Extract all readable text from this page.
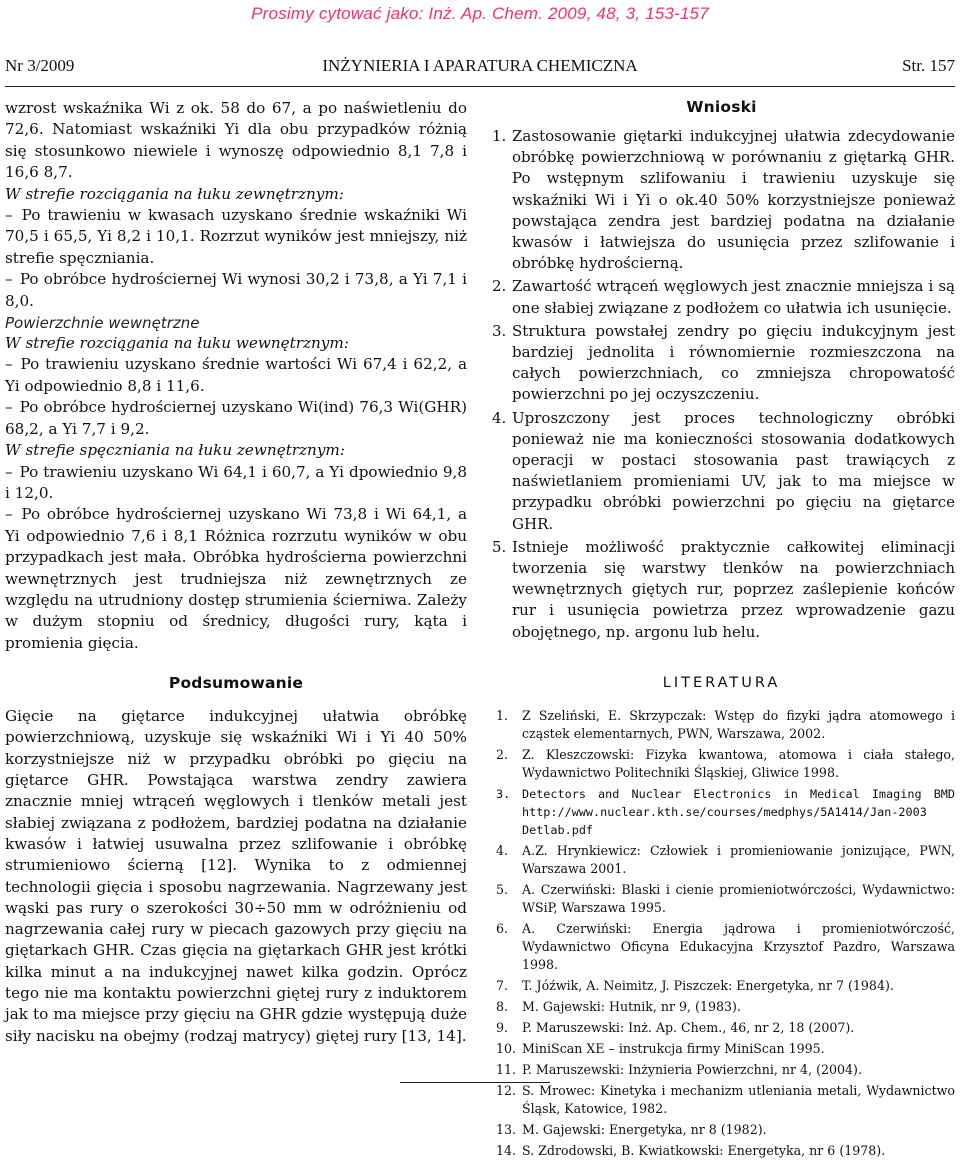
Prosimy cytować jako: Inż. Ap. Chem. 2009, 48, 3, 153-157
Nr 3/2009	INŻYNIERIA I APARATURA CHEMICZNA	Str. 157

wzrost wskaźnika Wi z ok. 58 do 67, a po naświetleniu do 72,6. Natomiast wskaźniki Yi dla obu przypadków różnią się stosunkowo niewiele i wynoszę odpowiednio 8,1 7,8 i 16,6 8,7.

W strefie rozciągania na łuku zewnętrznym:

– Po trawieniu w kwasach uzyskano średnie wskaźniki Wi 70,5 i 65,5, Yi 8,2 i 10,1. Rozrzut wyników jest mniejszy, niż strefie spęczniania.

– Po obróbce hydrościernej Wi wynosi 30,2 i 73,8, a Yi 7,1 i 8,0.

Powierzchnie wewnętrzne

W strefie rozciągania na łuku wewnętrznym:

– Po trawieniu uzyskano średnie wartości Wi 67,4 i 62,2, a Yi odpowiednio 8,8 i 11,6.

– Po obróbce hydrościernej uzyskano Wi(ind) 76,3 Wi(GHR) 68,2, a Yi 7,7 i 9,2.

W strefie spęczniania na łuku zewnętrznym:

– Po trawieniu uzyskano Wi 64,1 i 60,7, a Yi dpowiednio 9,8 i 12,0.

– Po obróbce hydrościernej uzyskano Wi 73,8 i Wi 64,1, a Yi odpowiednio 7,6 i 8,1 Różnica rozrzutu wyników w obu przypadkach jest mała. Obróbka hydrościerna powierzchni wewnętrznych jest trudniejsza niż zewnętrznych ze względu na utrudniony dostęp strumienia ścierniwa. Zależy w dużym stopniu od średnicy, długości rury, kąta i promienia gięcia.

Podsumowanie

Gięcie na giętarce indukcyjnej ułatwia obróbkę powierzchniową, uzyskuje się wskaźniki Wi i Yi 40 50% korzystniejsze niż w przypadku obróbki po gięciu na giętarce GHR. Powstająca warstwa zendry zawiera znacznie mniej wtrąceń węglowych i tlenków metali jest słabiej związana z podłożem, bardziej podatna na działanie kwasów i łatwiej usuwalna przez szlifowanie i obróbkę strumieniowo ścierną [12]. Wynika to z odmiennej technologii gięcia i sposobu nagrzewania. Nagrzewany jest wąski pas rury o szerokości 30÷50 mm w odróżnieniu od nagrzewania całej rury w piecach gazowych przy gięciu na giętarkach GHR. Czas gięcia na giętarkach GHR jest krótki kilka minut a na indukcyjnej nawet kilka godzin. Oprócz tego nie ma kontaktu powierzchni giętej rury z induktorem jak to ma miejsce przy gięciu na GHR gdzie występują duże siły nacisku na obejmy (rodzaj matrycy) giętej rury [13, 14].

Wnioski
1. Zastosowanie giętarki indukcyjnej ułatwia zdecydowanie obróbkę powierzchniową w porównaniu z giętarką GHR. Po wstępnym szlifowaniu i trawieniu uzyskuje się wskaźniki Wi i Yi o ok.40 50% korzystniejsze ponieważ powstająca zendra jest bardziej podatna na działanie kwasów i łatwiejsza do usunięcia przez szlifowanie i obróbkę hydrościerną.
2. Zawartość wtrąceń węglowych jest znacznie mniejsza i są one słabiej związane z podłożem co ułatwia ich usunięcie.
3. Struktura powstałej zendry po gięciu indukcyjnym jest bardziej jednolita i równomiernie rozmieszczona na całych powierzchniach, co zmniejsza chropowatość powierzchni po jej oczyszczeniu.
4. Uproszczony jest proces technologiczny obróbki ponieważ nie ma konieczności stosowania dodatkowych operacji w postaci stosowania past trawiących z naświetlaniem promieniami UV, jak to ma miejsce w przypadku obróbki powierzchni po gięciu na giętarce GHR.
5. Istnieje możliwość praktycznie całkowitej eliminacji tworzenia się warstwy tlenków na powierzchniach wewnętrznych giętych rur, poprzez zaślepienie końców rur i usunięcia powietrza przez wprowadzenie gazu obojętnego, np. argonu lub helu.
LITERATURA
1. Z Szeliński, E. Skrzypczak: Wstęp do fizyki jądra atomowego i cząstek elementarnych, PWN, Warszawa, 2002.
2. Z. Kleszczowski: Fizyka kwantowa, atomowa i ciała stałego, Wydawnictwo Politechniki Śląskiej, Gliwice 1998.
3. Detectors and Nuclear Electronics in Medical Imaging BMD http://www.nuclear.kth.se/courses/medphys/5A1414/Jan-2003 Detlab.pdf
4. A.Z. Hrynkiewicz: Człowiek i promieniowanie jonizujące, PWN, Warszawa 2001.
5. A. Czerwiński: Blaski i cienie promieniotwórczości, Wydawnictwo: WSiP, Warszawa 1995.
6. A. Czerwiński: Energia jądrowa i promieniotwórczość, Wydawnictwo Oficyna Edukacyjna Krzysztof Pazdro, Warszawa 1998.
7. T. Jóźwik, A. Neimitz, J. Piszczek: Energetyka, nr 7 (1984).
8. M. Gajewski: Hutnik, nr 9, (1983).
9. P. Maruszewski: Inż. Ap. Chem., 46, nr 2, 18 (2007).
10. MiniScan XE – instrukcja firmy MiniScan 1995.
11. P. Maruszewski: Inżynieria Powierzchni, nr 4, (2004).
12. S. Mrowec: Kinetyka i mechanizm utleniania metali, Wydawnictwo Śląsk, Katowice, 1982.
13. M. Gajewski: Energetyka, nr 8 (1982).
14. S. Zdrodowski, B. Kwiatkowski: Energetyka, nr 6 (1978).
